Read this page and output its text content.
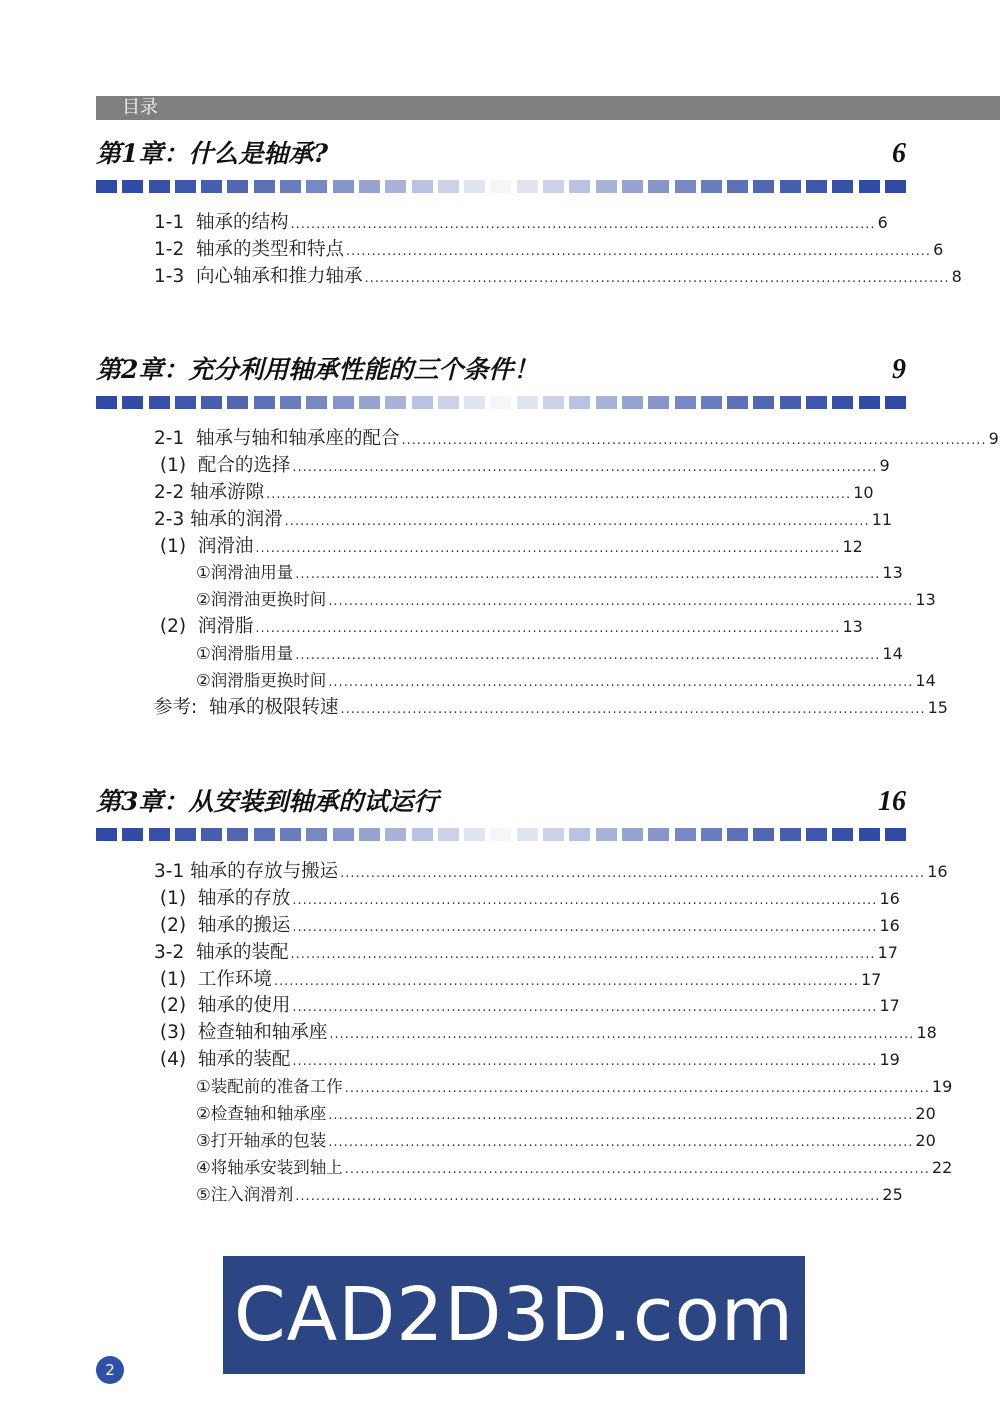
目录
第1章：什么是轴承?	6
1-1  轴承的结构 .................................................................................................................. 6
1-2  轴承的类型和特点 .................................................................................................................. 6
1-3  向心轴承和推力轴承 .................................................................................................................. 8
第2章：充分利用轴承性能的三个条件！	9
2-1  轴承与轴和轴承座的配合 .................................................................................................................. 9
(1)  配合的选择 .................................................................................................................. 9
2-2 轴承游隙 .................................................................................................................. 10
2-3 轴承的润滑 .................................................................................................................. 11
(1)  润滑油 .................................................................................................................. 12
①润滑油用量 .................................................................................................................. 13
②润滑油更换时间 .................................................................................................................. 13
(2)  润滑脂 .................................................................................................................. 13
①润滑脂用量 .................................................................................................................. 14
②润滑脂更换时间 .................................................................................................................. 14
参考:  轴承的极限转速 .................................................................................................................. 15
第3章：从安装到轴承的试运行	16
3-1 轴承的存放与搬运 .................................................................................................................. 16
(1)  轴承的存放 .................................................................................................................. 16
(2)  轴承的搬运 .................................................................................................................. 16
3-2  轴承的装配 .................................................................................................................. 17
(1)  工作环境 .................................................................................................................. 17
(2)  轴承的使用 .................................................................................................................. 17
(3)  检查轴和轴承座 .................................................................................................................. 18
(4)  轴承的装配 .................................................................................................................. 19
①装配前的准备工作 .................................................................................................................. 19
②检查轴和轴承座 .................................................................................................................. 20
③打开轴承的包装 .................................................................................................................. 20
④将轴承安装到轴上 .................................................................................................................. 22
⑤注入润滑剂 .................................................................................................................. 25
CAD2D3D.com
2
